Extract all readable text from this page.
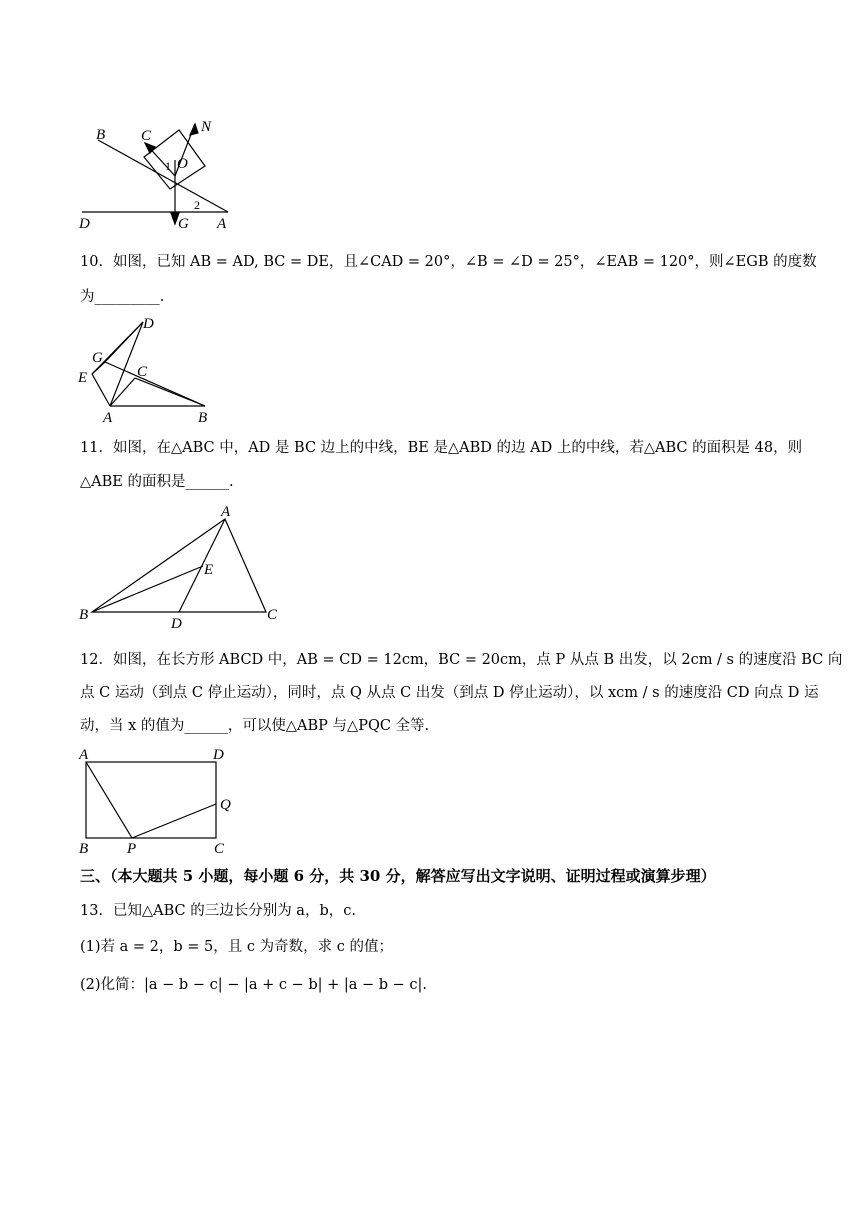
B C
O
N
1
2
D	G A
10．如图，已知 AB = AD, BC = DE，且∠CAD = 20°，∠B = ∠D = 25°，∠EAB = 120°，则∠EGB 的度数
为_________.
D
G
C
E
A	B
11．如图，在△ABC 中，AD 是 BC 边上的中线，BE 是△ABD 的边 AD 上的中线，若△ABC 的面积是 48，则
△ABE 的面积是______.
A
E
B
D
C
12．如图，在长方形 ABCD 中，AB = CD = 12cm，BC = 20cm，点 P 从点 B 出发，以 2cm / s 的速度沿 BC 向
点 C 运动（到点 C 停止运动），同时，点 Q 从点 C 出发（到点 D 停止运动），以 xcm / s 的速度沿 CD 向点 D 运
动，当 x 的值为______，可以使△ABP 与△PQC 全等.
A	D
Q
B	P	C
三、（本大题共 5 小题，每小题 6 分，共 30 分，解答应写出文字说明、证明过程或演算步理）
13．已知△ABC 的三边长分别为 a，b，c.
(1)若 a = 2，b = 5，且 c 为奇数，求 c 的值；
(2)化简：|a − b − c| − |a + c − b| + |a − b − c|.
